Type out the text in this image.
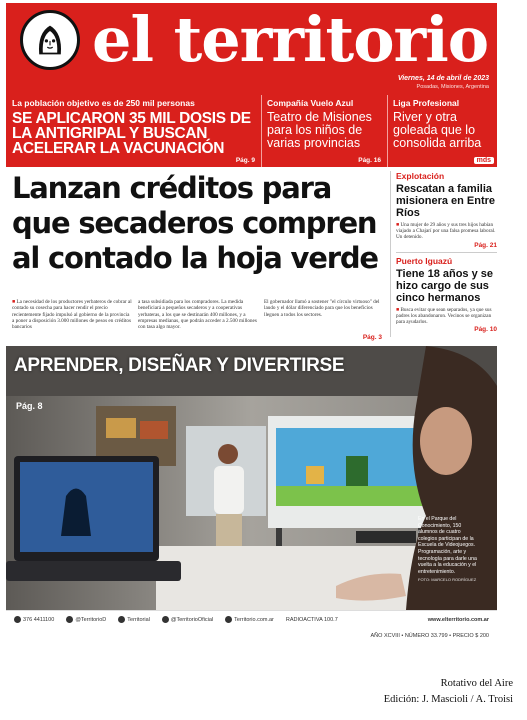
el territorio
Viernes, 14 de abril de 2023
Posadas, Misiones, Argentina
La población objetivo es de 250 mil personas
SE APLICARON 35 MIL DOSIS DE LA ANTIGRIPAL Y BUSCAN ACELERAR LA VACUNACIÓN
Pág. 9
Compañía Vuelo Azul
Teatro de Misiones para los niños de varias provincias
Pág. 16
Liga Profesional
River y otra goleada que lo consolida arriba
mds
Lanzan créditos para que secaderos compren al contado la hoja verde
■ La necesidad de los productores yerbateros de cobrar al contado su cosecha para hacer rendir el precio recientemente fijado impulsó al gobierno de la provincia a poner a disposición 3.000 millones de pesos en créditos bancarios
a tasa subsidiada para los compradores. La medida beneficiará a pequeños secaderos y a cooperativas yerbateras, a los que se destinarán 400 millones, y a empresas medianas, que podrán acceder a 2.500 millones con tasa algo mayor.
El gobernador llamó a sostener "el círculo virtuoso" del laudo y el dólar diferenciado para que los beneficios lleguen a todos los sectores.
Pág. 3
Explotación
Rescatan a familia misionera en Entre Ríos
■ Una mujer de 29 años y sus tres hijos habían viajado a Chajarí por una falsa promesa laboral. Un detenido.
Pág. 21
Puerto Iguazú
Tiene 18 años y se hizo cargo de sus cinco hermanos
■ Busca evitar que sean separados, ya que sus padres los abandonaron. Vecinos se organizan para ayudarlos.
Pág. 10
APRENDER, DISEÑAR Y DIVERTIRSE
Pág. 8
En el Parque del Conocimiento, 150 alumnos de cuatro colegios participan de la Escuela de Videojuegos. Programación, arte y tecnología para darle una vuelta a la educación y el entretenimiento.
FOTO: MARCELO RODRÍGUEZ
376 4411100	@TerritorioD	Territorial	@TerritorioOficial	Territorio.com.ar RADIOACTIVA 100.7	www.elterritorio.com.ar
AÑO XCVIII • NÚMERO 33.799 • PRECIO $ 200
Rotativo del Aire
Edición: J. Mascioli / A. Troisi
